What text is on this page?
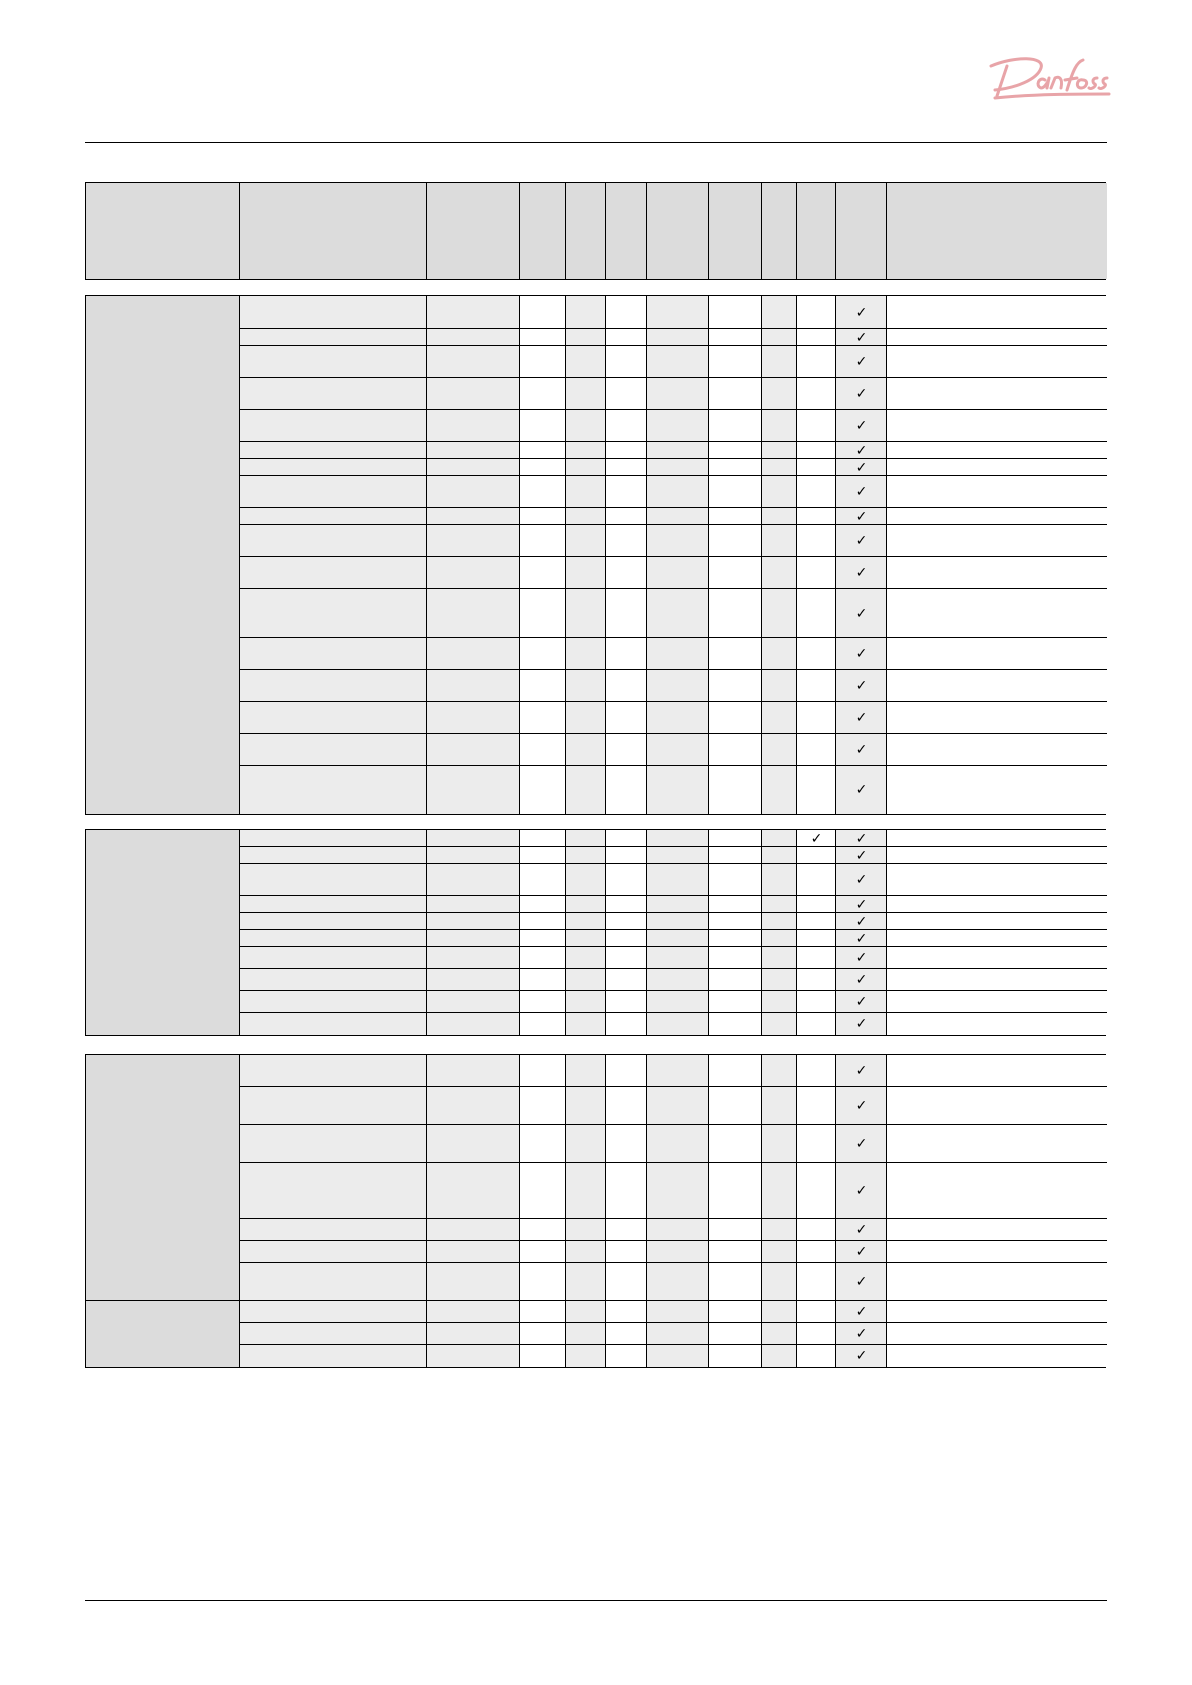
✓
✓
✓
✓
✓
✓
✓
✓
✓
✓
✓
✓
✓
✓
✓
✓
✓
✓	✓
✓
✓
✓
✓
✓
✓
✓
✓
✓
✓
✓
✓
✓
✓
✓
✓
✓
✓
✓
